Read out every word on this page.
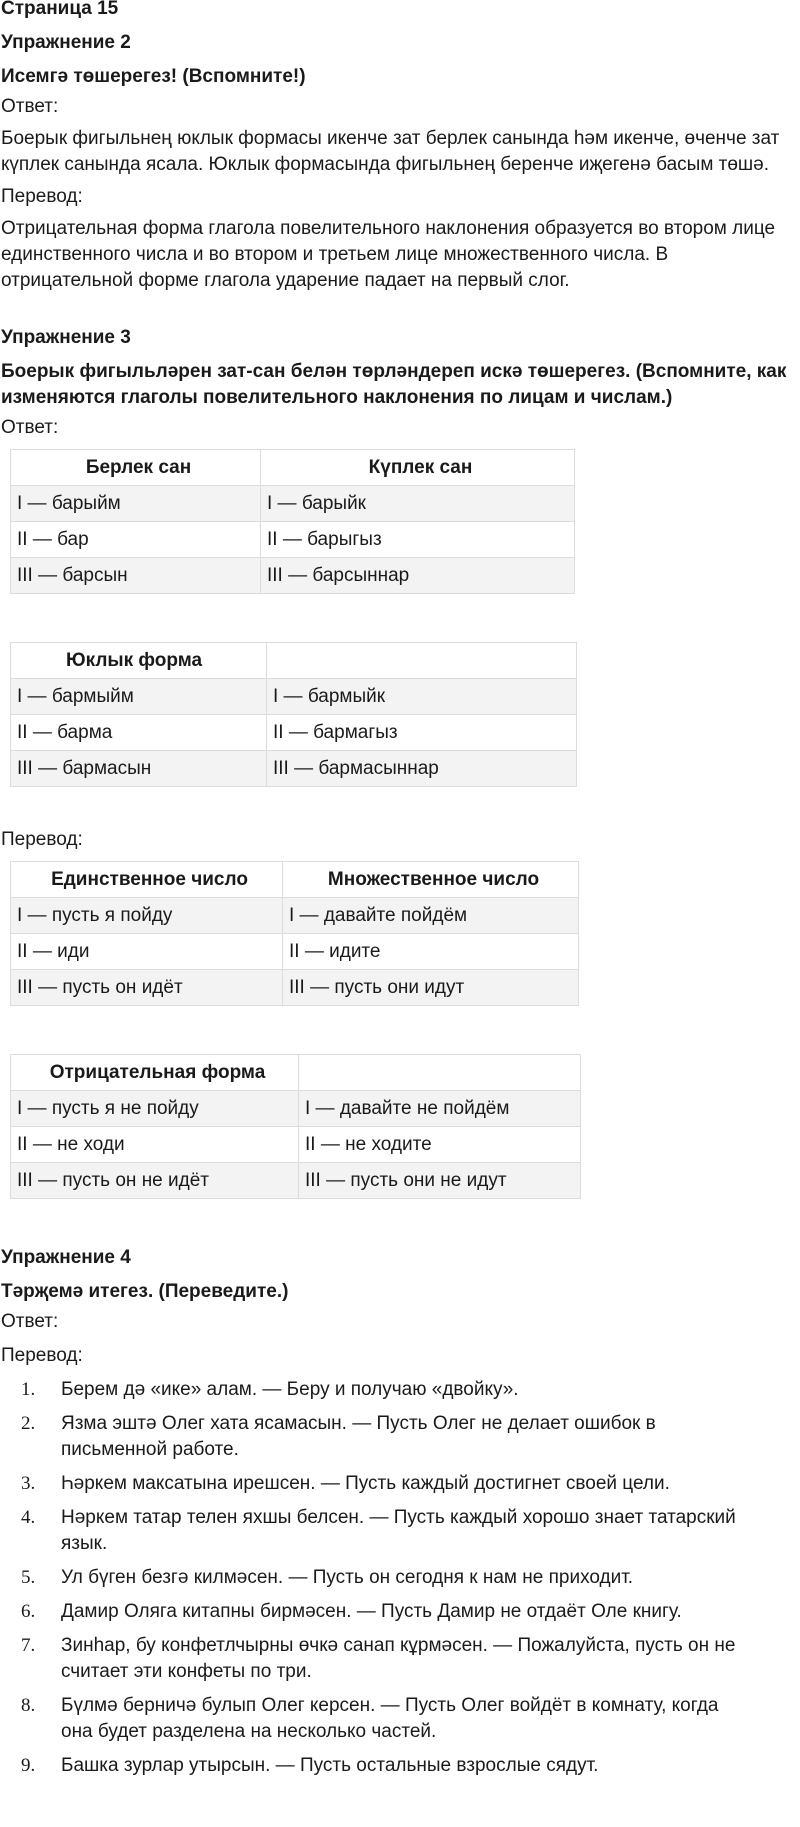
Страница 15
Упражнение 2
Исемгә төшерегез! (Вспомните!)
Ответ:
Боерык фигыльнең юклык формасы икенче зат берлек санында һәм икенче, өченче зат күплек санында ясала. Юклык формасында фигыльнең беренче иҗегенә басым төшә.
Перевод:
Отрицательная форма глагола повелительного наклонения образуется во втором лице единственного числа и во втором и третьем лице множественного числа. В отрицательной форме глагола ударение падает на первый слог.
Упражнение 3
Боерык фигыльләрен зат-сан белән төрләндереп искә төшерегез. (Вспомните, как изменяются глаголы повелительного наклонения по лицам и числам.)
Ответ:
Берлек сан	Күплек сан
I — барыйм	I — барыйк
II — бар	II — барыгыз
III — барсын	III — барсыннар
Юклык форма	
I — бармыйм	I — бармыйк
II — барма	II — бармагыз
III — бармасын	III — бармасыннар
Перевод:
Единственное число	Множественное число
I — пусть я пойду	I — давайте пойдём
II — иди	II — идите
III — пусть он идёт	III — пусть они идут
Отрицательная форма	
I — пусть я не пойду	I — давайте не пойдём
II — не ходи	II — не ходите
III — пусть он не идёт	III — пусть они не идут
Упражнение 4
Тәрҗемә итегез. (Переведите.)
Ответ:
Перевод:
1. Берем дә «ике» алам. — Беру и получаю «двойку».
2. Язма эштә Олег хата ясамасын. — Пусть Олег не делает ошибок в письменной работе.
3. Һәркем максатына ирешсен. — Пусть каждый достигнет своей цели.
4. Нәркем татар телен яхшы белсен. — Пусть каждый хорошо знает татарский язык.
5. Ул бүген безгә килмәсен. — Пусть он сегодня к нам не приходит.
6. Дамир Оляга китапны бирмәсен. — Пусть Дамир не отдаёт Оле книгу.
7. Зинһар, бу конфетлчырны өчкә санап кұрмәсен. — Пожалуйста, пусть он не считает эти конфеты по три.
8. Бүлмә берничә булып Олег керсен. — Пусть Олег войдёт в комнату, когда она будет разделена на несколько частей.
9. Башка зурлар утырсын. — Пусть остальные взрослые сядут.
